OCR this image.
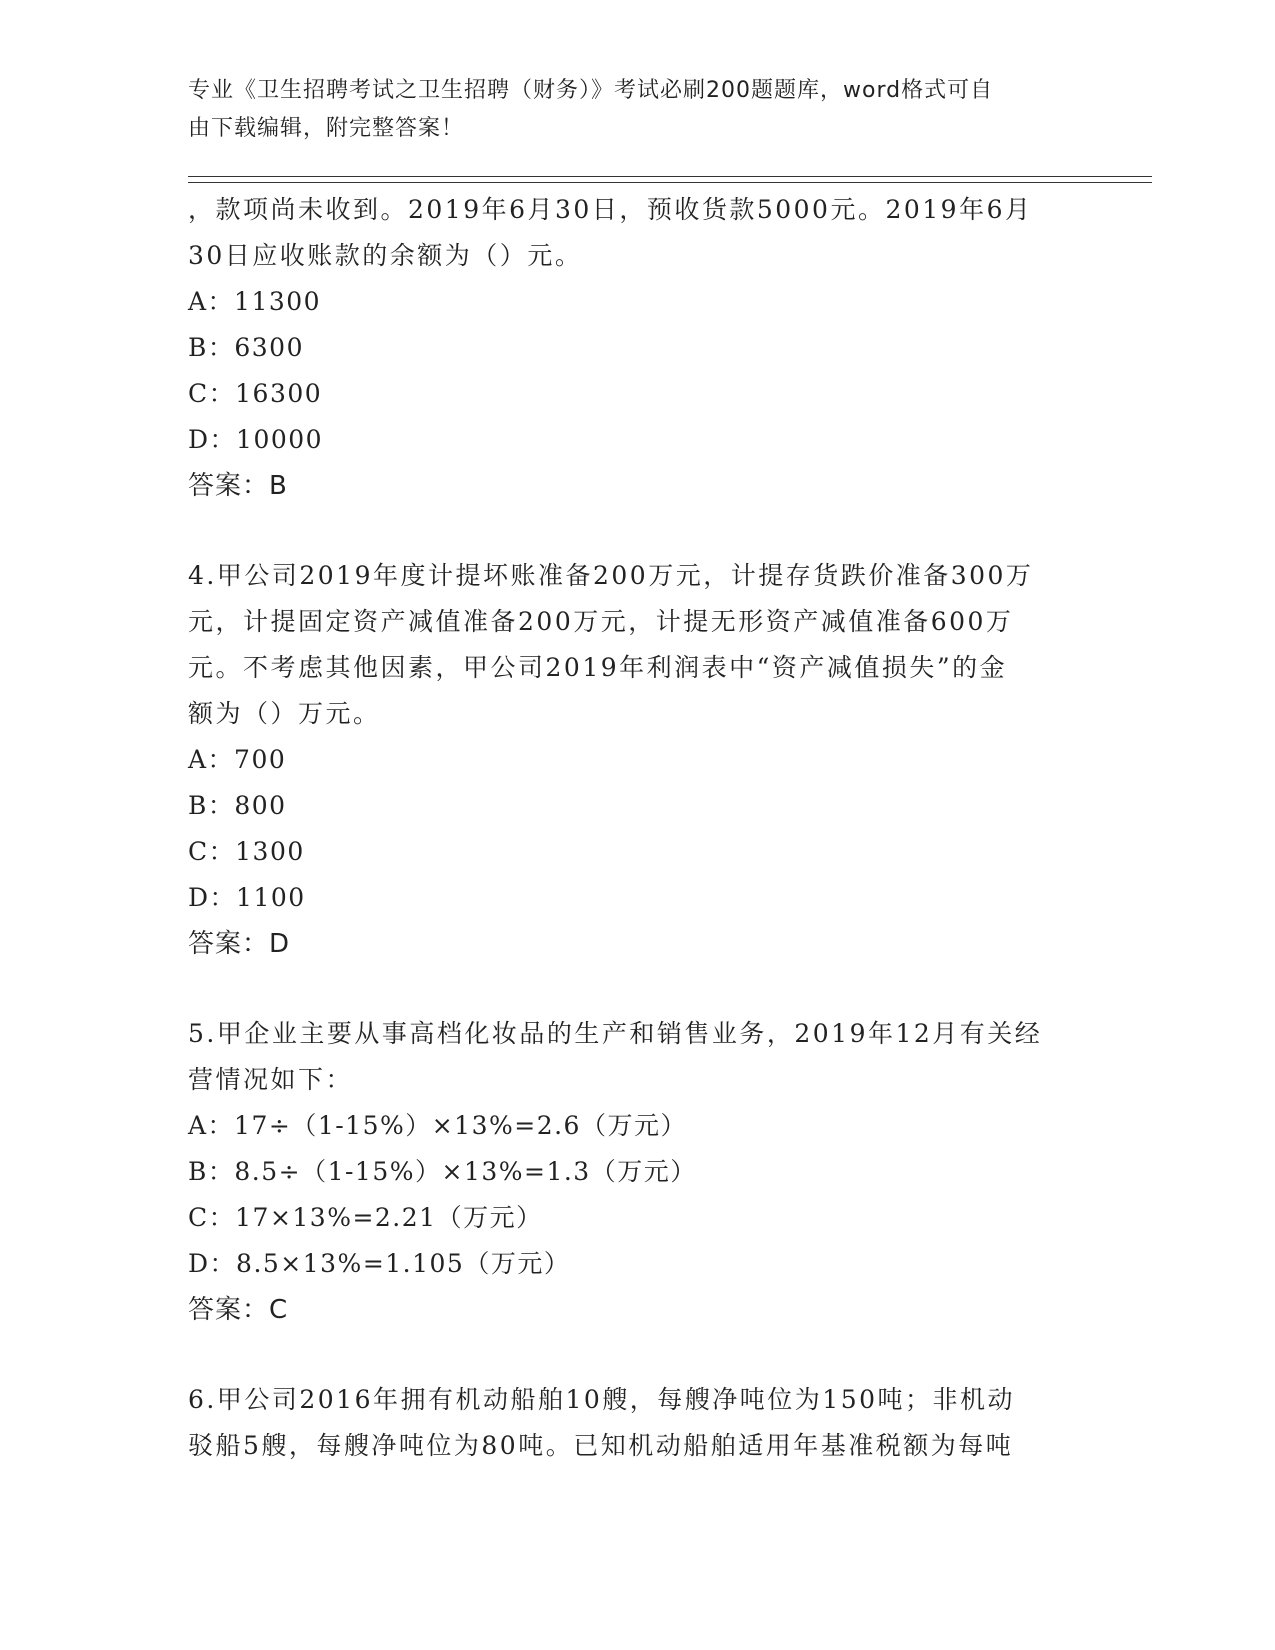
专业《卫生招聘考试之卫生招聘（财务）》考试必刷200题题库，word格式可自
由下载编辑，附完整答案！

，款项尚未收到。2019年6月30日，预收货款5000元。2019年6月
30日应收账款的余额为（）元。

A：11300

B：6300

C：16300

D：10000

答案：B

4.甲公司2019年度计提坏账准备200万元，计提存货跌价准备300万
元，计提固定资产减值准备200万元，计提无形资产减值准备600万
元。不考虑其他因素，甲公司2019年利润表中“资产减值损失”的金
额为（）万元。

A：700

B：800

C：1300

D：1100

答案：D

5.甲企业主要从事高档化妆品的生产和销售业务，2019年12月有关经
营情况如下：

A：17÷（1-15%）×13%=2.6（万元）

B：8.5÷（1-15%）×13%=1.3（万元）

C：17×13%=2.21（万元）

D：8.5×13%=1.105（万元）

答案：C

6.甲公司2016年拥有机动船舶10艘，每艘净吨位为150吨；非机动
驳船5艘，每艘净吨位为80吨。已知机动船舶适用年基准税额为每吨
